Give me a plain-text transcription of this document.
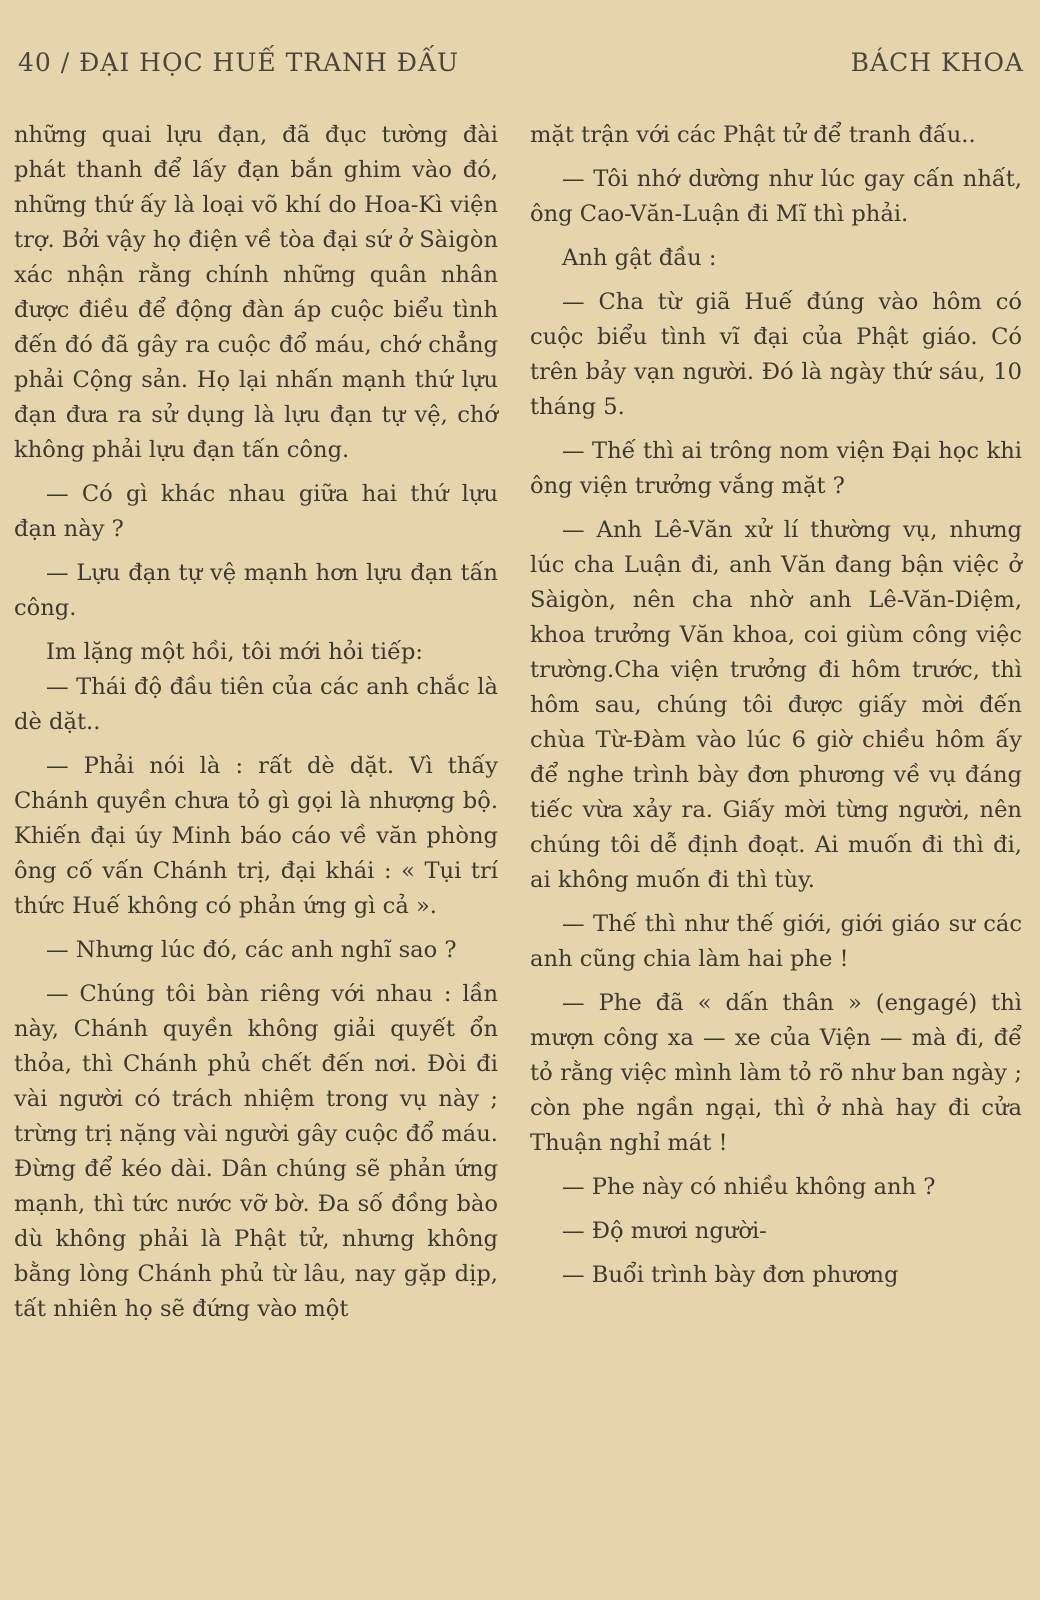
40 / ĐẠI HỌC HUẾ TRANH ĐẤU	BÁCH KHOA

những quai lựu đạn, đã đục tường đài phát thanh để lấy đạn bắn ghim vào đó, những thứ ấy là loại võ khí do Hoa-Kì viện trợ. Bởi vậy họ điện về tòa đại sứ ở Sàigòn xác nhận rằng chính những quân nhân được điều để động đàn áp cuộc biểu tình đến đó đã gây ra cuộc đổ máu, chớ chẳng phải Cộng sản. Họ lại nhấn mạnh thứ lựu đạn đưa ra sử dụng là lựu đạn tự vệ, chớ không phải lựu đạn tấn công.

— Có gì khác nhau giữa hai thứ lựu đạn này ?

— Lựu đạn tự vệ mạnh hơn lựu đạn tấn công.

Im lặng một hồi, tôi mới hỏi tiếp:

— Thái độ đầu tiên của các anh chắc là dè dặt..

— Phải nói là : rất dè dặt. Vì thấy Chánh quyền chưa tỏ gì gọi là nhượng bộ. Khiến đại úy Minh báo cáo về văn phòng ông cố vấn Chánh trị, đại khái : « Tụi trí thức Huế không có phản ứng gì cả ».

— Nhưng lúc đó, các anh nghĩ sao ?

— Chúng tôi bàn riêng với nhau : lần này, Chánh quyền không giải quyết ổn thỏa, thì Chánh phủ chết đến nơi. Đòi đi vài người có trách nhiệm trong vụ này ; trừng trị nặng vài người gây cuộc đổ máu. Đừng để kéo dài. Dân chúng sẽ phản ứng mạnh, thì tức nước vỡ bờ. Đa số đồng bào dù không phải là Phật tử, nhưng không bằng lòng Chánh phủ từ lâu, nay gặp dịp, tất nhiên họ sẽ đứng vào một

mặt trận với các Phật tử để tranh đấu..

— Tôi nhớ dường như lúc gay cấn nhất, ông Cao-Văn-Luận đi Mĩ thì phải.

Anh gật đầu :

— Cha từ giã Huế đúng vào hôm có cuộc biểu tình vĩ đại của Phật giáo. Có trên bảy vạn người. Đó là ngày thứ sáu, 10 tháng 5.

— Thế thì ai trông nom viện Đại học khi ông viện trưởng vắng mặt ?

— Anh Lê-Văn xử lí thường vụ, nhưng lúc cha Luận đi, anh Văn đang bận việc ở Sàigòn, nên cha nhờ anh Lê-Văn-Diệm, khoa trưởng Văn khoa, coi giùm công việc trường.Cha viện trưởng đi hôm trước, thì hôm sau, chúng tôi được giấy mời đến chùa Từ-Đàm vào lúc 6 giờ chiều hôm ấy để nghe trình bày đơn phương về vụ đáng tiếc vừa xảy ra. Giấy mời từng người, nên chúng tôi dễ định đoạt. Ai muốn đi thì đi, ai không muốn đi thì tùy.

— Thế thì như thế giới, giới giáo sư các anh cũng chia làm hai phe !

— Phe đã « dấn thân » (engagé) thì mượn công xa — xe của Viện — mà đi, để tỏ rằng việc mình làm tỏ rõ như ban ngày ; còn phe ngần ngại, thì ở nhà hay đi cửa Thuận nghỉ mát !

— Phe này có nhiều không anh ?

— Độ mươi người-

— Buổi trình bày đơn phương
